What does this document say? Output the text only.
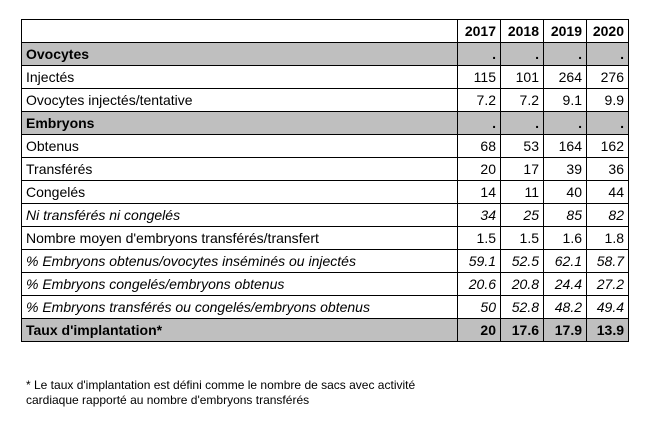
	2017	2018	2019	2020
Ovocytes	.	.	.	.
Injectés	115	101	264	276
Ovocytes injectés/tentative	7.2	7.2	9.1	9.9
Embryons	.	.	.	.
Obtenus	68	53	164	162
Transférés	20	17	39	36
Congelés	14	11	40	44
Ni transférés ni congelés	34	25	85	82
Nombre moyen d'embryons transférés/transfert	1.5	1.5	1.6	1.8
% Embryons obtenus/ovocytes inséminés ou injectés	59.1	52.5	62.1	58.7
% Embryons congelés/embryons obtenus	20.6	20.8	24.4	27.2
% Embryons transférés ou congelés/embryons obtenus	50	52.8	48.2	49.4
Taux d'implantation*	20	17.6	17.9	13.9
* Le taux d'implantation est défini comme le nombre de sacs avec activité
cardiaque rapporté au nombre d'embryons transférés
